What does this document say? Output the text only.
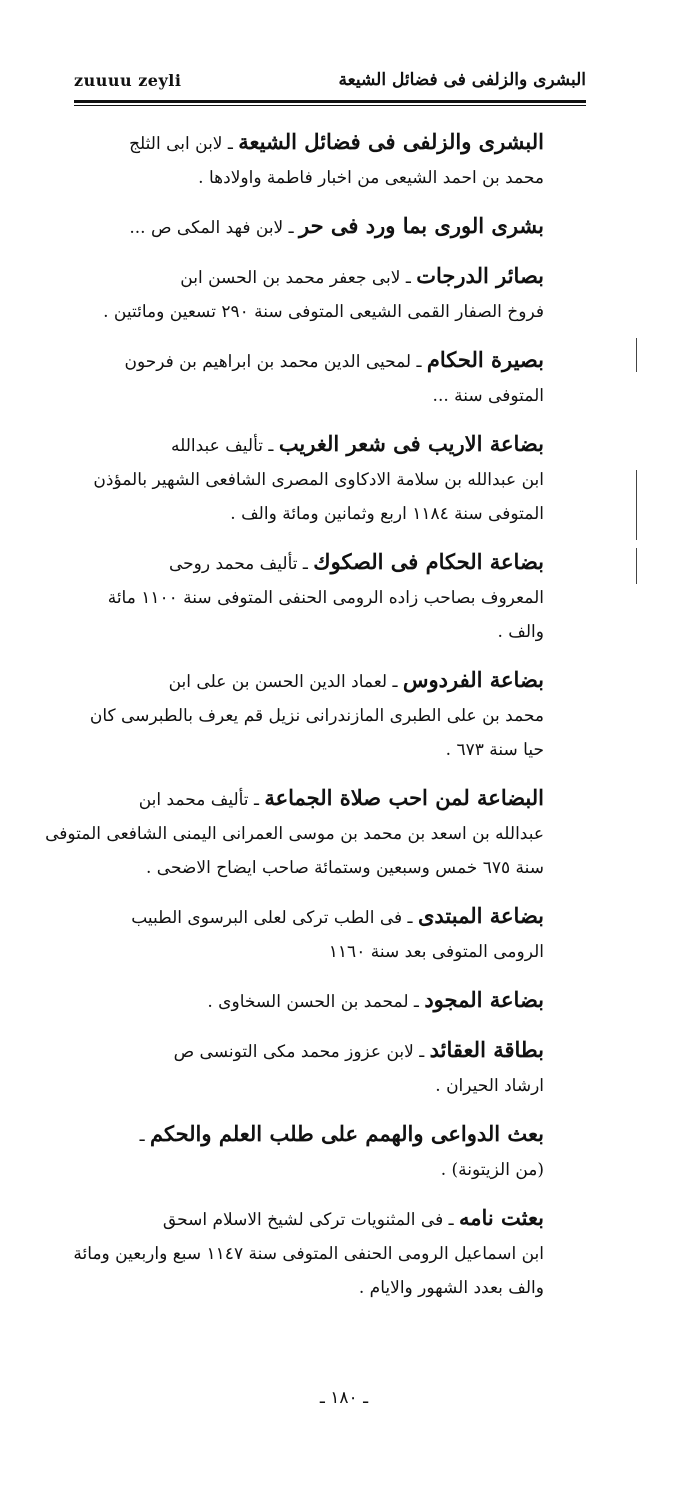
البشرى والزلفى فى فضائل الشيعة
zuuuu zeyli
البشرى والزلفى فى فضائل الشيعة ـ لابن ابى الثلج
محمد بن احمد الشيعى من اخبار فاطمة واولادها .
بشرى الورى بما ورد فى حر ـ لابن فهد المكى ص ...
بصائر الدرجات ـ لابى جعفر محمد بن الحسن ابن
فروخ الصفار القمى الشيعى المتوفى سنة ٢٩٠ تسعين ومائتين .
بصيرة الحكام ـ لمحيى الدين محمد بن ابراهيم بن فرحون
المتوفى سنة ...
بضاعة الاريب فى شعر الغريب ـ تأليف عبدالله
ابن عبدالله بن سلامة الادكاوى المصرى الشافعى الشهير بالمؤذن
المتوفى سنة ١١٨٤ اربع وثمانين ومائة والف .
بضاعة الحكام فى الصكوك ـ تأليف محمد روحى
المعروف بصاحب زاده الرومى الحنفى المتوفى سنة ١١٠٠ مائة
والف .
بضاعة الفردوس ـ لعماد الدين الحسن بن على ابن
محمد بن على الطبرى المازندرانى نزيل قم يعرف بالطبرسى كان
حيا سنة ٦٧٣ .
البضاعة لمن احب صلاة الجماعة ـ تأليف محمد ابن
عبدالله بن اسعد بن محمد بن موسى العمرانى اليمنى الشافعى المتوفى
سنة ٦٧٥ خمس وسبعين وستمائة صاحب ايضاح الاضحى .
بضاعة المبتدى ـ فى الطب تركى لعلى البرسوى الطبيب
الرومى المتوفى بعد سنة ١١٦٠
بضاعة المجود ـ لمحمد بن الحسن السخاوى .
بطاقة العقائد ـ لابن عزوز محمد مكى التونسى ص
ارشاد الحيران .
بعث الدواعى والهمم على طلب العلم والحكم ـ
(من الزيتونة) .
بعثت نامه ـ فى المثنويات تركى لشيخ الاسلام اسحق
ابن اسماعيل الرومى الحنفى المتوفى سنة ١١٤٧ سبع واربعين ومائة
والف بعدد الشهور والايام .
ـ ١٨٠ ـ
